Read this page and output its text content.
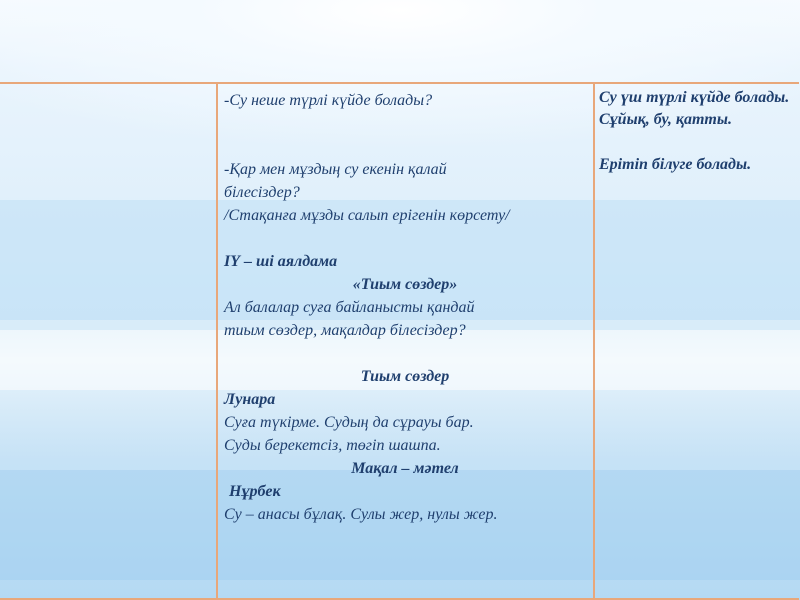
-Су неше түрлі күйде болады?
-Қар мен мұздың су екенін қалай
білесіздер?
/Стақанға мұзды салып ерігенін көрсету/
ІҮ – ші аялдама
«Тиым сөздер»
Ал балалар суға байланысты қандай
тиым сөздер, мақалдар білесіздер?
Тиым сөздер
Лунара
Суға түкірме. Судың да сұрауы бар.
Суды берекетсіз, төгіп шашпа.
Мақал – мәтел
Нұрбек
Су – анасы бұлақ. Сулы жер, нулы жер.
Су үш түрлі күйде болады. Сұйық, бу, қатты.
Ерітіп білуге болады.
